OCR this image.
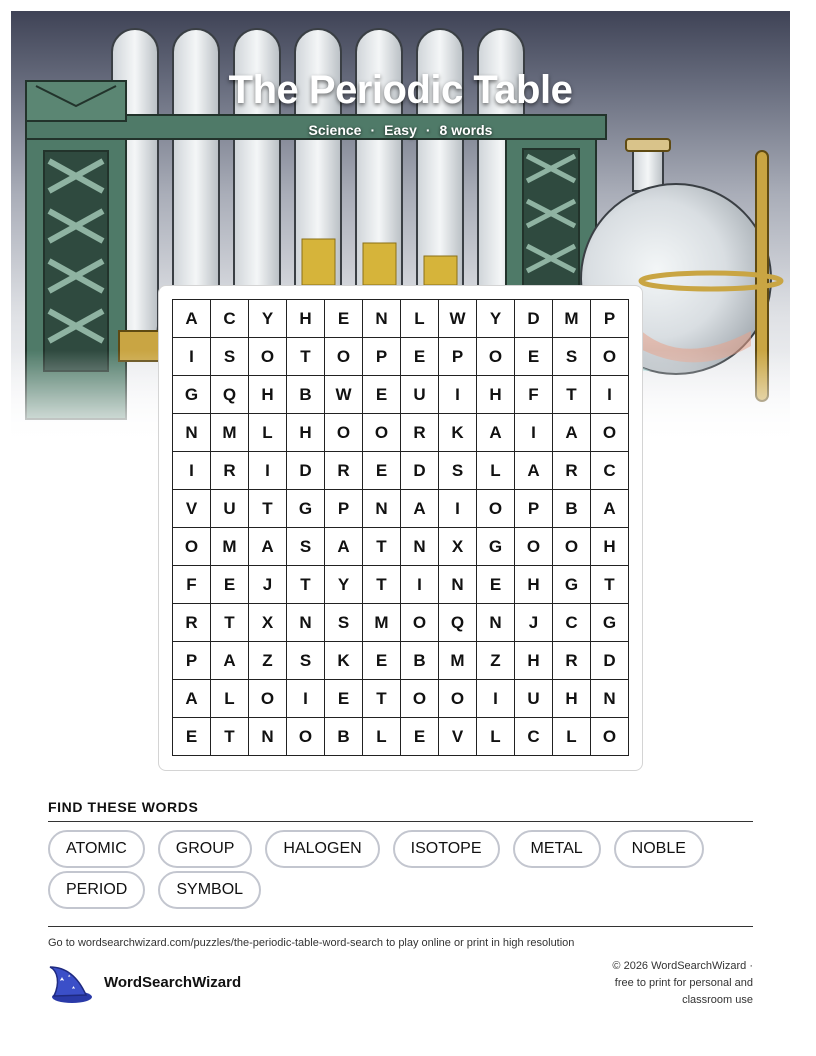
The Periodic Table
Science · Easy · 8 words
A	C	Y	H	E	N	L	W	Y	D	M	P
I	S	O	T	O	P	E	P	O	E	S	O
G	Q	H	B	W	E	U	I	H	F	T	I
N	M	L	H	O	O	R	K	A	I	A	O
I	R	I	D	R	E	D	S	L	A	R	C
V	U	T	G	P	N	A	I	O	P	B	A
O	M	A	S	A	T	N	X	G	O	O	H
F	E	J	T	Y	T	I	N	E	H	G	T
R	T	X	N	S	M	O	Q	N	J	C	G
P	A	Z	S	K	E	B	M	Z	H	R	D
A	L	O	I	E	T	O	O	I	U	H	N
E	T	N	O	B	L	E	V	L	C	L	O
FIND THESE WORDS
ATOMIC	GROUP	HALOGEN	ISOTOPE	METAL	NOBLE
PERIOD	SYMBOL
Go to wordsearchwizard.com/puzzles/the-periodic-table-word-search to play online or print in high resolution
WordSearchWizard
© 2026 WordSearchWizard ·
free to print for personal and
classroom use
